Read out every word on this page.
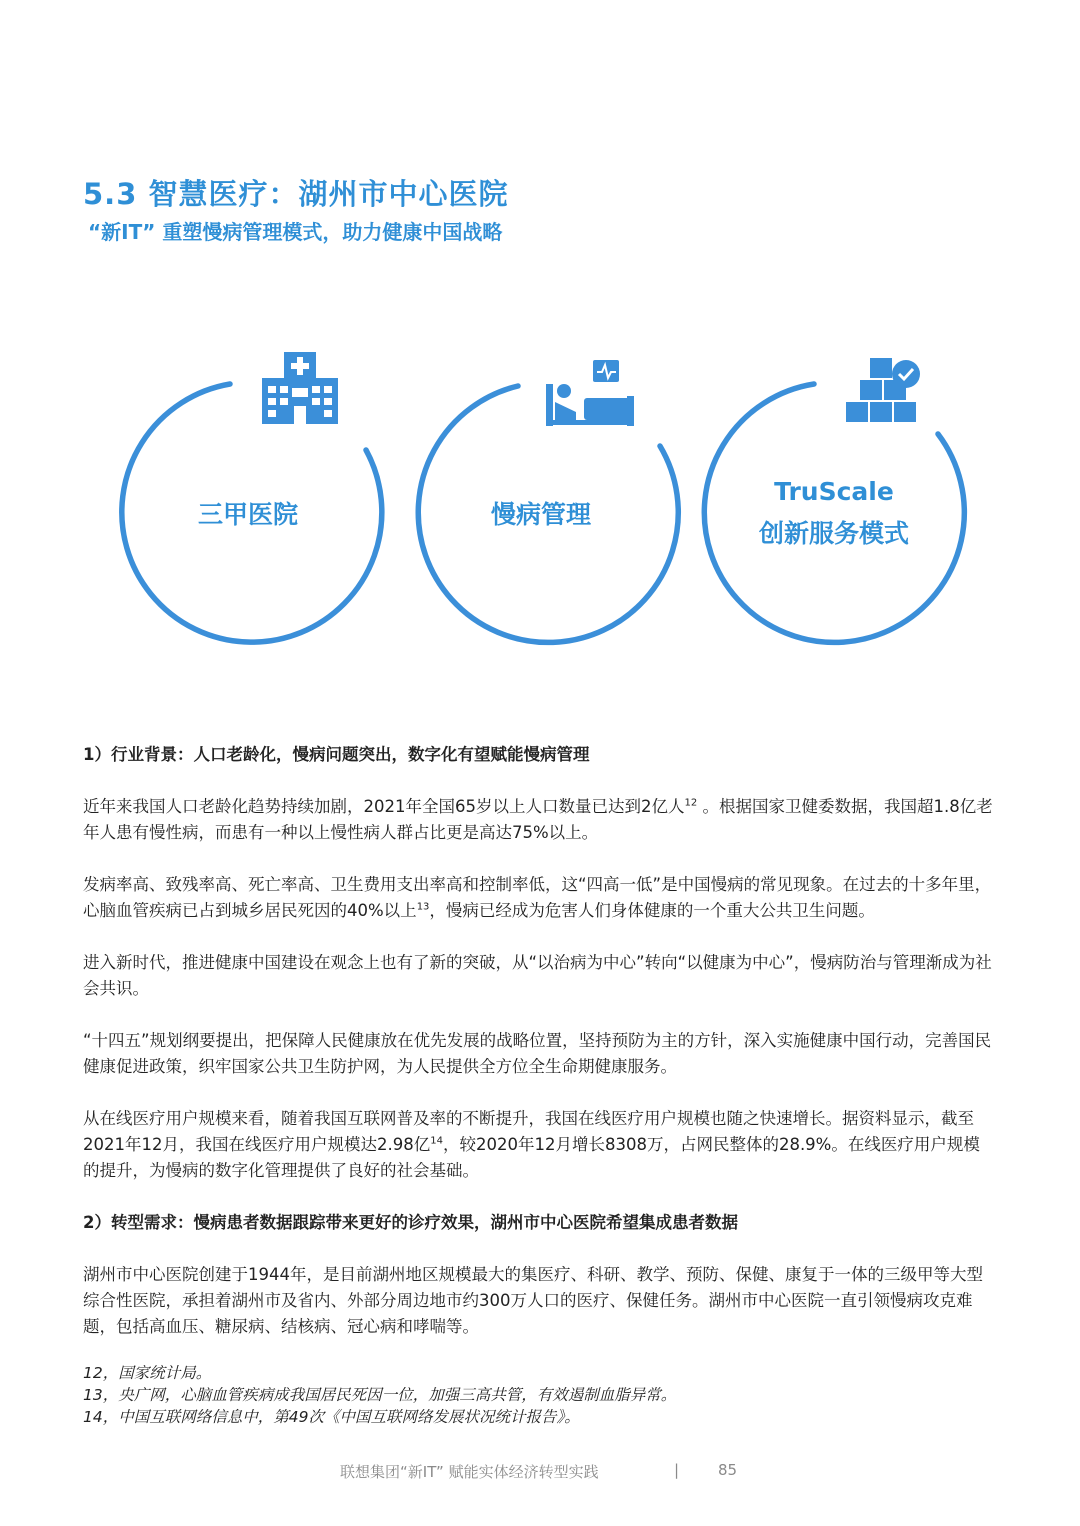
5.3 智慧医疗：湖州市中心医院
“新IT” 重塑慢病管理模式，助力健康中国战略
三甲医院	慢病管理
TruScale
创新服务模式

1）行业背景：人口老龄化，慢病问题突出，数字化有望赋能慢病管理

近年来我国人口老龄化趋势持续加剧，2021年全国65岁以上人口数量已达到2亿人$^{12}$ 。根据国家卫健委数据，我国超1.8亿老年人患有慢性病，而患有一种以上慢性病人群占比更是高达75%以上。

发病率高、致残率高、死亡率高、卫生费用支出率高和控制率低，这“四高一低”是中国慢病的常见现象。在过去的十多年里，心脑血管疾病已占到城乡居民死因的40%以上$^{13}$，慢病已经成为危害人们身体健康的一个重大公共卫生问题。

进入新时代，推进健康中国建设在观念上也有了新的突破，从“以治病为中心”转向“以健康为中心”，慢病防治与管理渐成为社会共识。

“十四五”规划纲要提出，把保障人民健康放在优先发展的战略位置，坚持预防为主的方针，深入实施健康中国行动，完善国民健康促进政策，织牢国家公共卫生防护网，为人民提供全方位全生命期健康服务。

从在线医疗用户规模来看，随着我国互联网普及率的不断提升，我国在线医疗用户规模也随之快速增长。据资料显示，截至2021年12月，我国在线医疗用户规模达2.98亿$^{14}$，较2020年12月增长8308万，占网民整体的28.9%。在线医疗用户规模的提升，为慢病的数字化管理提供了良好的社会基础。

2）转型需求：慢病患者数据跟踪带来更好的诊疗效果，湖州市中心医院希望集成患者数据

湖州市中心医院创建于1944年，是目前湖州地区规模最大的集医疗、科研、教学、预防、保健、康复于一体的三级甲等大型综合性医院，承担着湖州市及省内、外部分周边地市约300万人口的医疗、保健任务。湖州市中心医院一直引领慢病攻克难题，包括高血压、糖尿病、结核病、冠心病和哮喘等。

12，国家统计局。
13，央广网，心脑血管疾病成我国居民死因一位，加强三高共管，有效遏制血脂异常。
14，中国互联网络信息中，第49次《中国互联网络发展状况统计报告》。
联想集团“新IT” 赋能实体经济转型实践	|	85
